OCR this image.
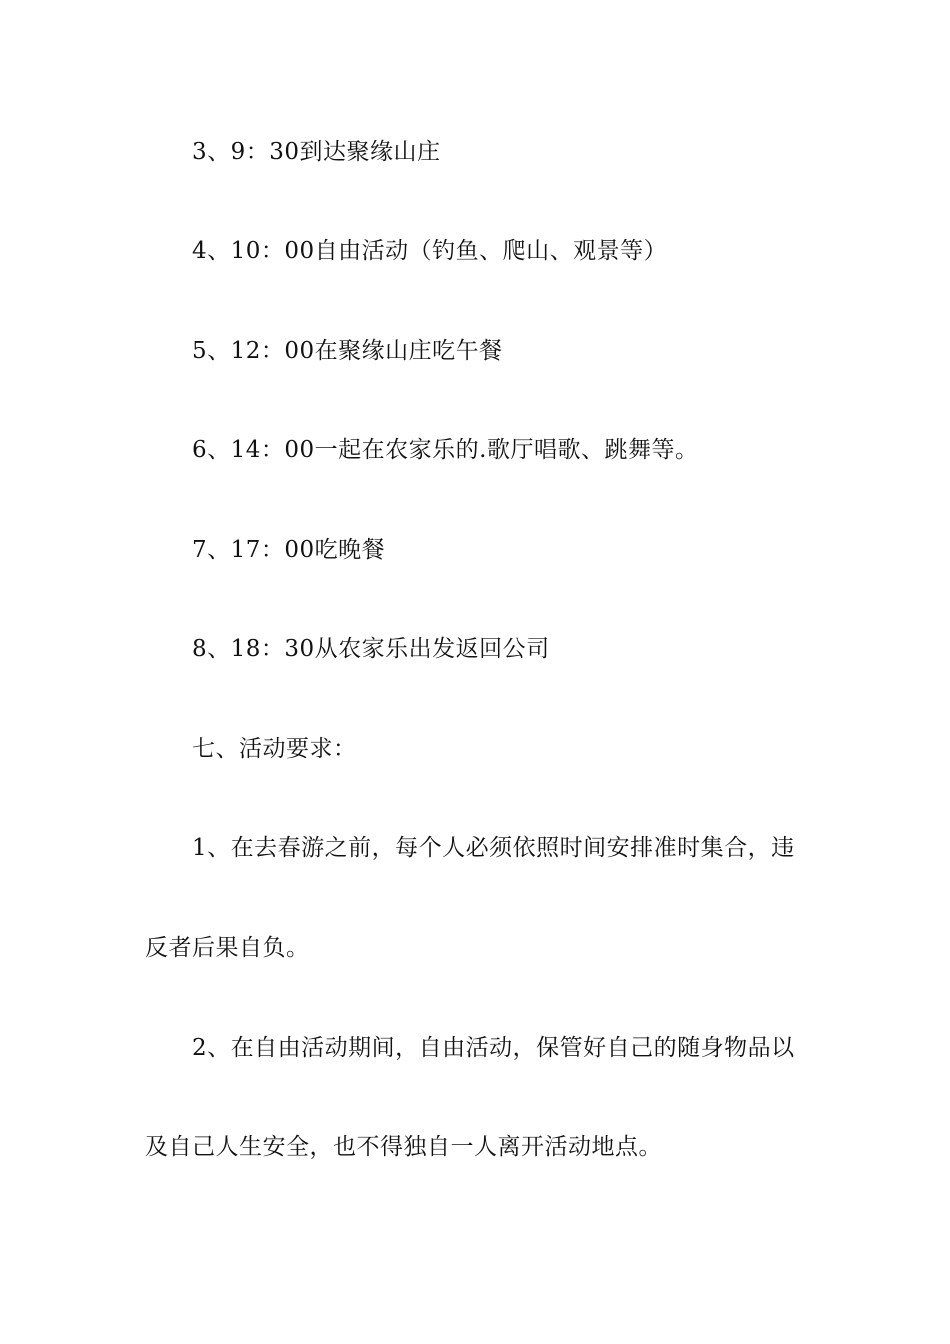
3、9：30到达聚缘山庄
4、10：00自由活动（钓鱼、爬山、观景等）
5、12：00在聚缘山庄吃午餐
6、14：00一起在农家乐的.歌厅唱歌、跳舞等。
7、17：00吃晚餐
8、18：30从农家乐出发返回公司
七、活动要求：
1、在去春游之前，每个人必须依照时间安排准时集合，违
反者后果自负。
2、在自由活动期间，自由活动，保管好自己的随身物品以
及自己人生安全，也不得独自一人离开活动地点。
